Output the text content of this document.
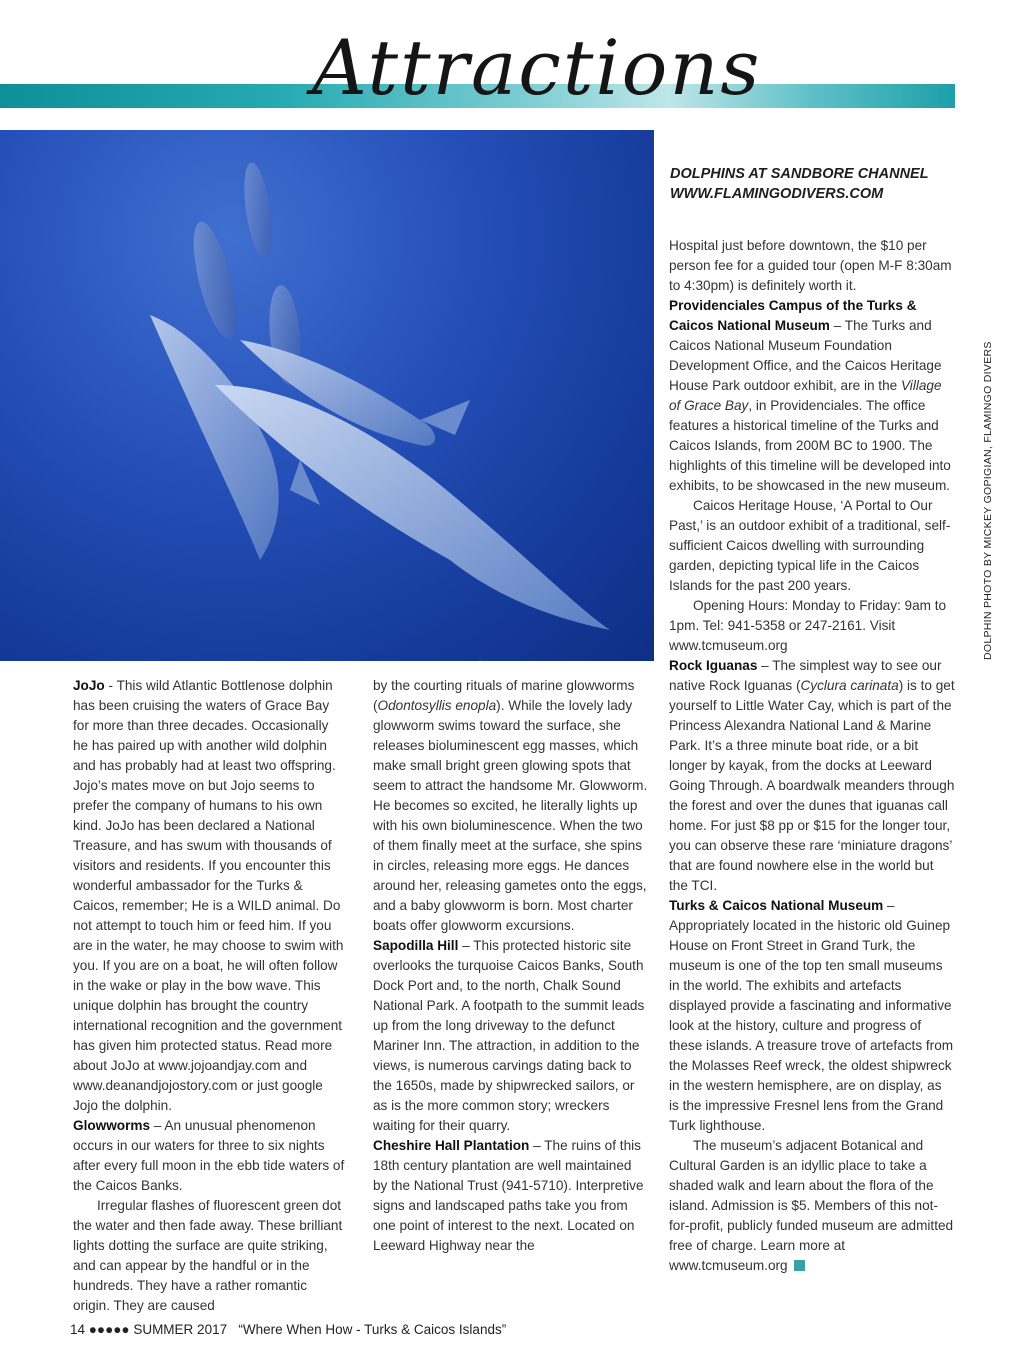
Attractions
DOLPHINS AT SANDBORE CHANNEL
WWW.FLAMINGODIVERS.COM
DOLPHIN PHOTO BY MICKEY GOPIGIAN, FLAMINGO DIVERS

JoJo - This wild Atlantic Bottlenose dolphin has been cruising the waters of Grace Bay for more than three decades. Occasionally he has paired up with another wild dolphin and has probably had at least two offspring. Jojo’s mates move on but Jojo seems to prefer the company of humans to his own kind. JoJo has been declared a National Treasure, and has swum with thousands of visitors and residents. If you encounter this wonderful ambassador for the Turks & Caicos, remember; He is a WILD animal. Do not attempt to touch him or feed him. If you are in the water, he may choose to swim with you. If you are on a boat, he will often follow in the wake or play in the bow wave. This unique dolphin has brought the country international recognition and the government has given him protected status. Read more about JoJo at www.jojoandjay.com and www.deanandjojostory.com or just google Jojo the dolphin.

Glowworms – An unusual phenomenon occurs in our waters for three to six nights after every full moon in the ebb tide waters of the Caicos Banks.

Irregular flashes of fluorescent green dot the water and then fade away. These brilliant lights dotting the surface are quite striking, and can appear by the handful or in the hundreds. They have a rather romantic origin. They are caused

by the courting rituals of marine glowworms (Odontosyllis enopla). While the lovely lady glowworm swims toward the surface, she releases bioluminescent egg masses, which make small bright green glowing spots that seem to attract the handsome Mr. Glowworm. He becomes so excited, he literally lights up with his own bioluminescence. When the two of them finally meet at the surface, she spins in circles, releasing more eggs. He dances around her, releasing gametes onto the eggs, and a baby glowworm is born. Most charter boats offer glowworm excursions.

Sapodilla Hill – This protected historic site overlooks the turquoise Caicos Banks, South Dock Port and, to the north, Chalk Sound National Park. A footpath to the summit leads up from the long driveway to the defunct Mariner Inn. The attraction, in addition to the views, is numerous carvings dating back to the 1650s, made by shipwrecked sailors, or as is the more common story; wreckers waiting for their quarry.

Cheshire Hall Plantation – The ruins of this 18th century plantation are well maintained by the National Trust (941-5710). Interpretive signs and landscaped paths take you from one point of interest to the next. Located on Leeward Highway near the

Hospital just before downtown, the $10 per person fee for a guided tour (open M-F 8:30am to 4:30pm) is definitely worth it.

Providenciales Campus of the Turks & Caicos National Museum – The Turks and Caicos National Museum Foundation Development Office, and the Caicos Heritage House Park outdoor exhibit, are in the Village of Grace Bay, in Providenciales. The office features a historical timeline of the Turks and Caicos Islands, from 200M BC to 1900. The highlights of this timeline will be developed into exhibits, to be showcased in the new museum.

Caicos Heritage House, ‘A Portal to Our Past,’ is an outdoor exhibit of a traditional, self-sufficient Caicos dwelling with surrounding garden, depicting typical life in the Caicos Islands for the past 200 years.

Opening Hours: Monday to Friday: 9am to 1pm. Tel: 941-5358 or 247-2161. Visit www.tcmuseum.org

Rock Iguanas – The simplest way to see our native Rock Iguanas (Cyclura carinata) is to get yourself to Little Water Cay, which is part of the Princess Alexandra National Land & Marine Park. It’s a three minute boat ride, or a bit longer by kayak, from the docks at Leeward Going Through. A boardwalk meanders through the forest and over the dunes that iguanas call home. For just $8 pp or $15 for the longer tour, you can observe these rare ‘miniature dragons’ that are found nowhere else in the world but the TCI.

Turks & Caicos National Museum – Appropriately located in the historic old Guinep House on Front Street in Grand Turk, the museum is one of the top ten small museums in the world. The exhibits and artefacts displayed provide a fascinating and informative look at the history, culture and progress of these islands. A treasure trove of artefacts from the Molasses Reef wreck, the oldest shipwreck in the western hemisphere, are on display, as is the impressive Fresnel lens from the Grand Turk lighthouse.

The museum’s adjacent Botanical and Cultural Garden is an idyllic place to take a shaded walk and learn about the flora of the island. Admission is $5. Members of this not-for-profit, publicly funded museum are admitted free of charge. Learn more at www.tcmuseum.org

14 ●●●●● SUMMER 2017 “Where When How - Turks & Caicos Islands”
